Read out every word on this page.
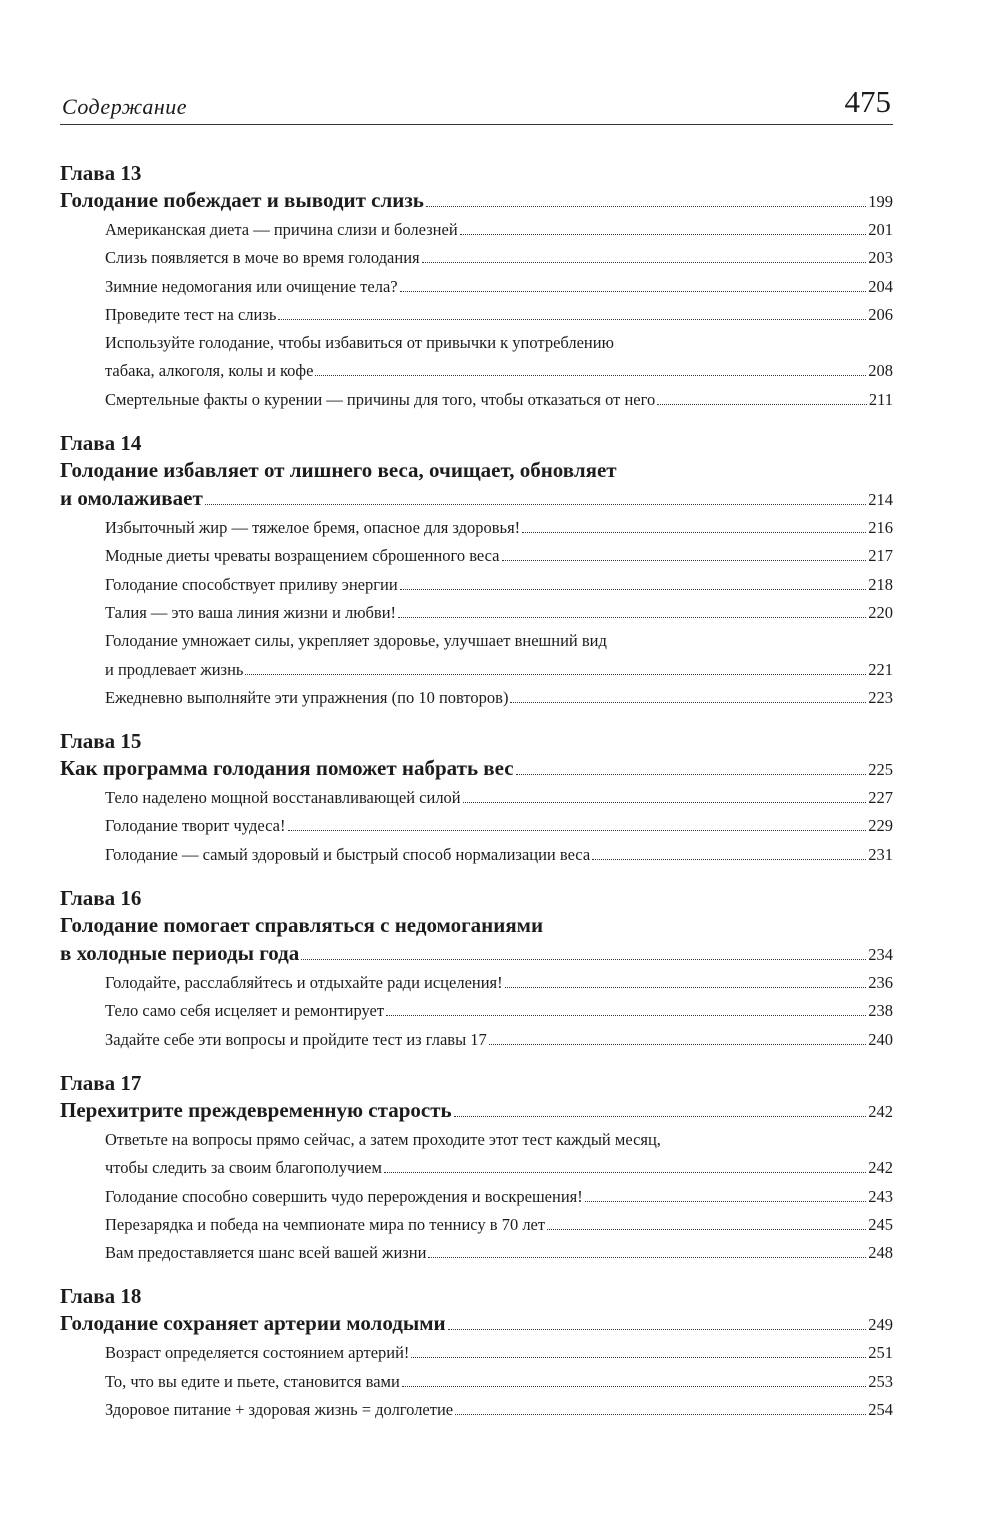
Содержание	475
Глава 13
Голодание побеждает и выводит слизь	199
Американская диета — причина слизи и болезней	201
Слизь появляется в моче во время голодания	203
Зимние недомогания или очищение тела?	204
Проведите тест на слизь	206
Используйте голодание, чтобы избавиться от привычки к употреблению
табака, алкоголя, колы и кофе	208
Смертельные факты о курении — причины для того, чтобы отказаться от него	211
Глава 14
Голодание избавляет от лишнего веса, очищает, обновляет
и омолаживает	214
Избыточный жир — тяжелое бремя, опасное для здоровья!	216
Модные диеты чреваты возращением сброшенного веса	217
Голодание способствует приливу энергии	218
Талия — это ваша линия жизни и любви!	220
Голодание умножает силы, укрепляет здоровье, улучшает внешний вид
и продлевает жизнь	221
Ежедневно выполняйте эти упражнения (по 10 повторов)	223
Глава 15
Как программа голодания поможет набрать вес	225
Тело наделено мощной восстанавливающей силой	227
Голодание творит чудеса!	229
Голодание — самый здоровый и быстрый способ нормализации веса	231
Глава 16
Голодание помогает справляться с недомоганиями
в холодные периоды года	234
Голодайте, расслабляйтесь и отдыхайте ради исцеления!	236
Тело само себя исцеляет и ремонтирует	238
Задайте себе эти вопросы и пройдите тест из главы 17	240
Глава 17
Перехитрите преждевременную старость	242
Ответьте на вопросы прямо сейчас, а затем проходите этот тест каждый месяц,
чтобы следить за своим благополучием	242
Голодание способно совершить чудо перерождения и воскрешения!	243
Перезарядка и победа на чемпионате мира по теннису в 70 лет	245
Вам предоставляется шанс всей вашей жизни	248
Глава 18
Голодание сохраняет артерии молодыми	249
Возраст определяется состоянием артерий!	251
То, что вы едите и пьете, становится вами	253
Здоровое питание + здоровая жизнь = долголетие	254
